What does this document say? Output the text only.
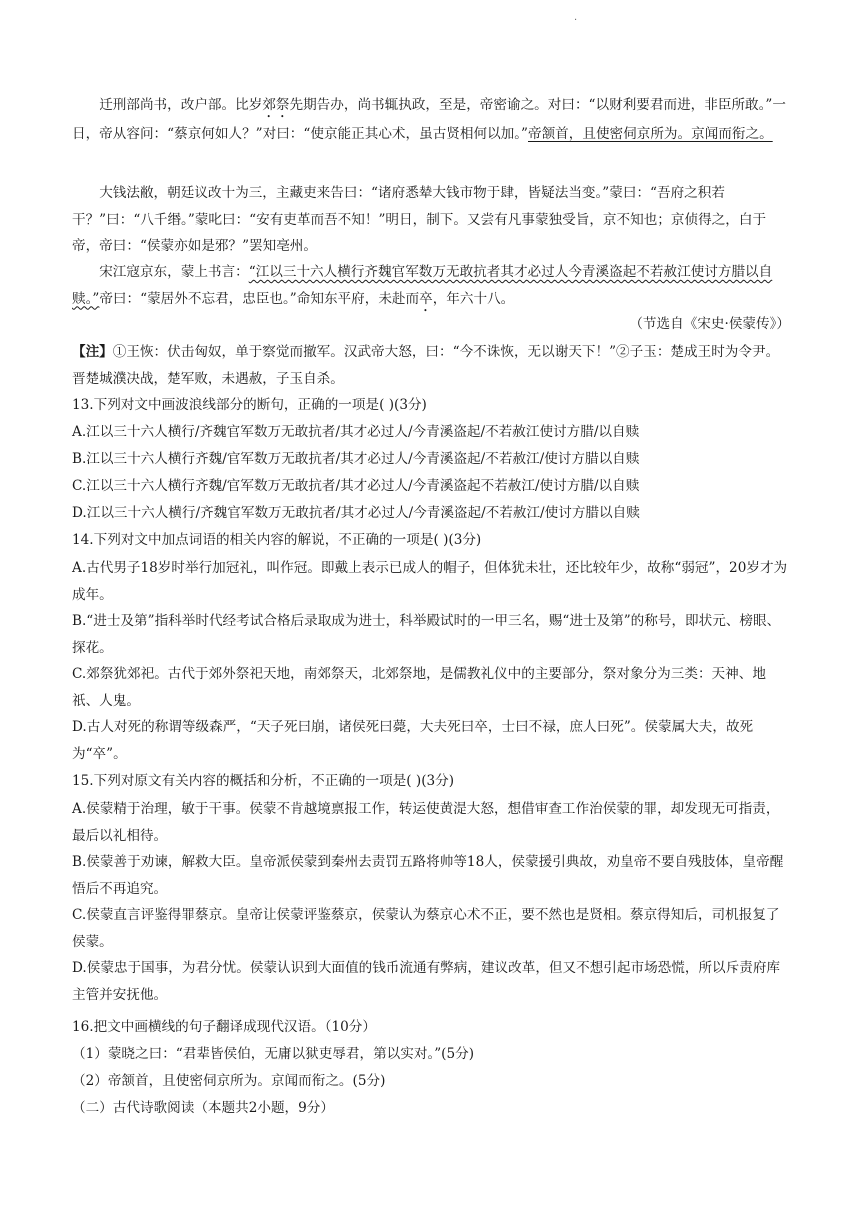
.

迁刑部尚书，改户部。比岁郊祭先期告办，尚书辄执政，至是，帝密谕之。对曰：“以财利要君而进，非臣所敢。”一日，帝从容问：“蔡京何如人？”对曰：“使京能正其心术，虽古贤相何以加。”帝颔首，且使密伺京所为。京闻而衔之。

大钱法敝，朝廷议改十为三，主藏吏来告曰：“诸府悉辇大钱市物于肆，皆疑法当变。”蒙曰：“吾府之积若干？”曰：“八千缗。”蒙叱曰：“安有吏革而吾不知！”明日，制下。又尝有凡事蒙独受旨，京不知也；京侦得之，白于帝，帝曰：“侯蒙亦如是邪？”罢知亳州。

宋江寇京东，蒙上书言：“江以三十六人横行齐魏官军数万无敢抗者其才必过人今青溪盗起不若赦江使讨方腊以自赎。”帝曰：“蒙居外不忘君，忠臣也。”命知东平府，未赴而卒，年六十八。

（节选自《宋史·侯蒙传》）

【注】①王恢：伏击匈奴，单于察觉而撤军。汉武帝大怒，曰：“今不诛恢，无以谢天下！”②子玉：楚成王时为令尹。晋楚城濮决战，楚军败，未遇赦，子玉自杀。

13.下列对文中画波浪线部分的断句，正确的一项是( )(3分)

A.江以三十六人横行/齐魏官军数万无敢抗者/其才必过人/今青溪盗起/不若赦江使讨方腊/以自赎

B.江以三十六人横行齐魏/官军数万无敢抗者/其才必过人/今青溪盗起/不若赦江/使讨方腊以自赎

C.江以三十六人横行齐魏/官军数万无敢抗者/其才必过人/今青溪盗起不若赦江/使讨方腊/以自赎

D.江以三十六人横行/齐魏官军数万无敢抗者/其才必过人/今青溪盗起/不若赦江/使讨方腊以自赎

14.下列对文中加点词语的相关内容的解说，不正确的一项是( )(3分)

A.古代男子18岁时举行加冠礼，叫作冠。即戴上表示已成人的帽子，但体犹未壮，还比较年少，故称“弱冠”，20岁才为成年。

B.“进士及第”指科举时代经考试合格后录取成为进士，科举殿试时的一甲三名，赐“进士及第”的称号，即状元、榜眼、探花。

C.郊祭犹郊祀。古代于郊外祭祀天地，南郊祭天，北郊祭地，是儒教礼仪中的主要部分，祭对象分为三类：天神、地祇、人鬼。

D.古人对死的称谓等级森严，“天子死曰崩，诸侯死曰薨，大夫死曰卒，士曰不禄，庶人曰死”。侯蒙属大夫，故死为“卒”。

15.下列对原文有关内容的概括和分析，不正确的一项是( )(3分)

A.侯蒙精于治理，敏于干事。侯蒙不肯越境禀报工作，转运使黄湜大怒，想借审查工作治侯蒙的罪，却发现无可指责，最后以礼相待。

B.侯蒙善于劝谏，解救大臣。皇帝派侯蒙到秦州去责罚五路将帅等18人，侯蒙援引典故，劝皇帝不要自残肢体，皇帝醒悟后不再追究。

C.侯蒙直言评鉴得罪蔡京。皇帝让侯蒙评鉴蔡京，侯蒙认为蔡京心术不正，要不然也是贤相。蔡京得知后，司机报复了侯蒙。

D.侯蒙忠于国事，为君分忧。侯蒙认识到大面值的钱币流通有弊病，建议改革，但又不想引起市场恐慌，所以斥责府库主管并安抚他。

16.把文中画横线的句子翻译成现代汉语。（10分）

（1）蒙晓之曰：“君辈皆侯伯，无庸以狱吏辱君，第以实对。”(5分)

（2）帝颔首，且使密伺京所为。京闻而衔之。(5分)

（二）古代诗歌阅读（本题共2小题，9分）
